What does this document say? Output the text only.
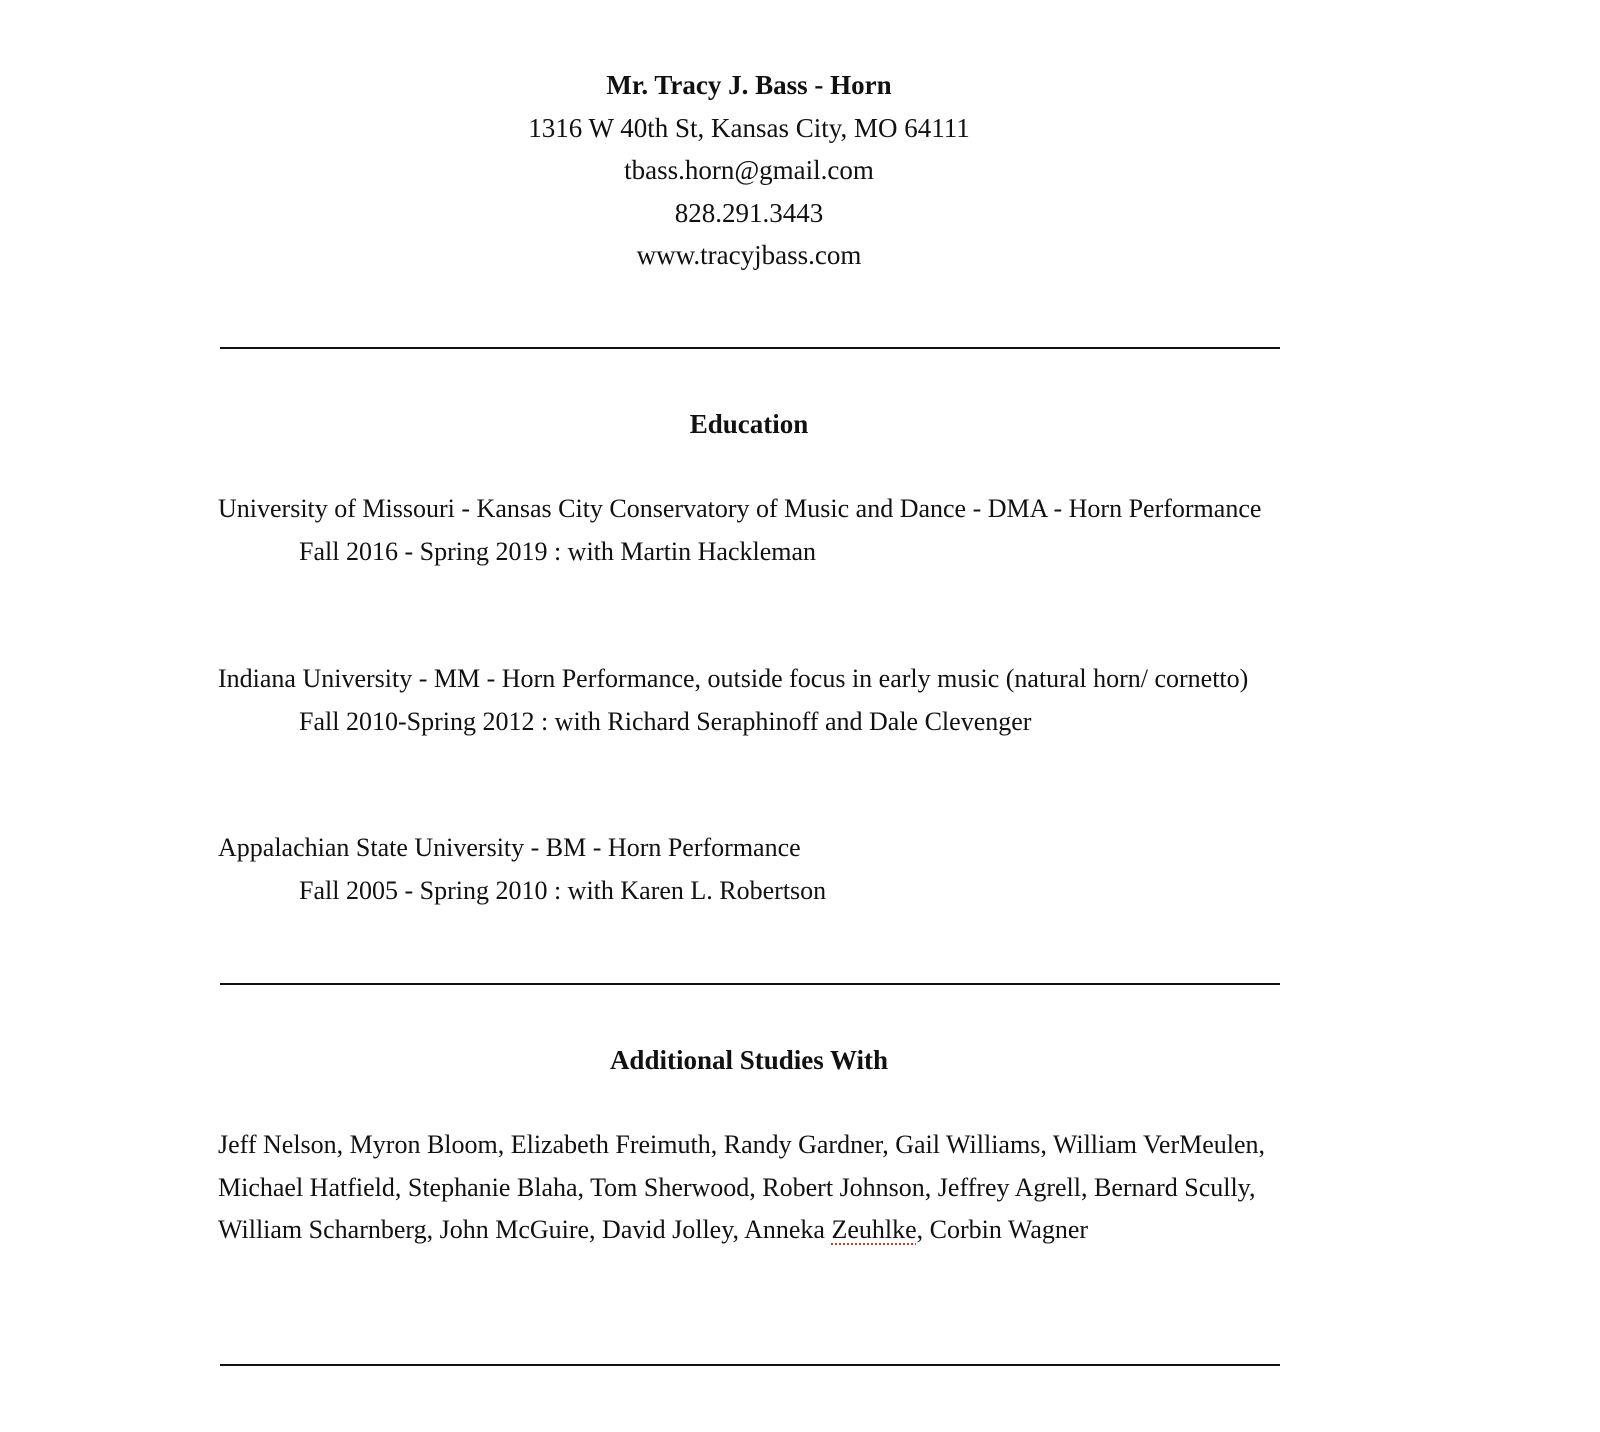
Mr. Tracy J. Bass - Horn
1316 W 40th St, Kansas City, MO 64111
tbass.horn@gmail.com
828.291.3443
www.tracyjbass.com
Education
University of Missouri - Kansas City Conservatory of Music and Dance - DMA - Horn Performance
Fall 2016 - Spring 2019 : with Martin Hackleman
Indiana University - MM - Horn Performance, outside focus in early music (natural horn/ cornetto)
Fall 2010-Spring 2012 : with Richard Seraphinoff and Dale Clevenger
Appalachian State University - BM - Horn Performance
Fall 2005 - Spring 2010 : with Karen L. Robertson
Additional Studies With
Jeff Nelson, Myron Bloom, Elizabeth Freimuth, Randy Gardner, Gail Williams, William VerMeulen, Michael Hatfield, Stephanie Blaha, Tom Sherwood, Robert Johnson, Jeffrey Agrell, Bernard Scully, William Scharnberg, John McGuire, David Jolley, Anneka Zeuhlke, Corbin Wagner
